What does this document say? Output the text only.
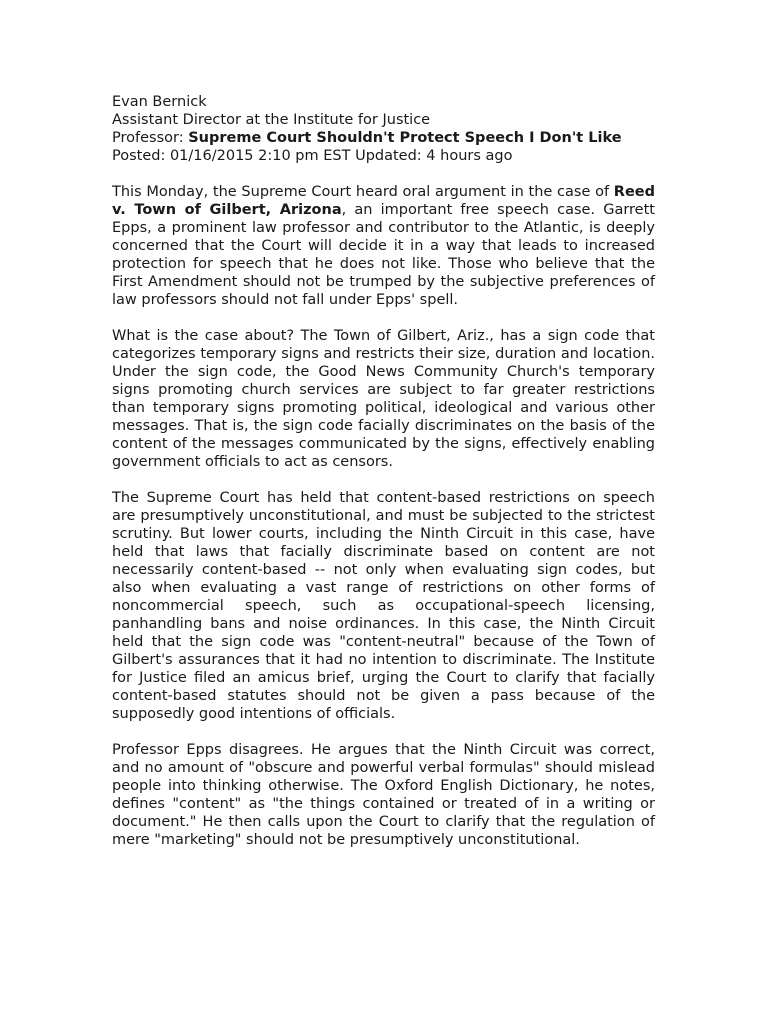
Evan Bernick
Assistant Director at the Institute for Justice
Professor: Supreme Court Shouldn't Protect Speech I Don't Like
Posted: 01/16/2015 2:10 pm EST Updated: 4 hours ago

This Monday, the Supreme Court heard oral argument in the case of Reed v. Town of Gilbert, Arizona, an important free speech case. Garrett Epps, a prominent law professor and contributor to the Atlantic, is deeply concerned that the Court will decide it in a way that leads to increased protection for speech that he does not like. Those who believe that the First Amendment should not be trumped by the subjective preferences of law professors should not fall under Epps' spell.

What is the case about? The Town of Gilbert, Ariz., has a sign code that categorizes temporary signs and restricts their size, duration and location. Under the sign code, the Good News Community Church's temporary signs promoting church services are subject to far greater restrictions than temporary signs promoting political, ideological and various other messages. That is, the sign code facially discriminates on the basis of the content of the messages communicated by the signs, effectively enabling government officials to act as censors.

The Supreme Court has held that content-based restrictions on speech are presumptively unconstitutional, and must be subjected to the strictest scrutiny. But lower courts, including the Ninth Circuit in this case, have held that laws that facially discriminate based on content are not necessarily content-based -- not only when evaluating sign codes, but also when evaluating a vast range of restrictions on other forms of noncommercial speech, such as occupational-speech licensing, panhandling bans and noise ordinances. In this case, the Ninth Circuit held that the sign code was "content-neutral" because of the Town of Gilbert's assurances that it had no intention to discriminate. The Institute for Justice filed an amicus brief, urging the Court to clarify that facially content-based statutes should not be given a pass because of the supposedly good intentions of officials.

Professor Epps disagrees. He argues that the Ninth Circuit was correct, and no amount of "obscure and powerful verbal formulas" should mislead people into thinking otherwise. The Oxford English Dictionary, he notes, defines "content" as "the things contained or treated of in a writing or document." He then calls upon the Court to clarify that the regulation of mere "marketing" should not be presumptively unconstitutional.
